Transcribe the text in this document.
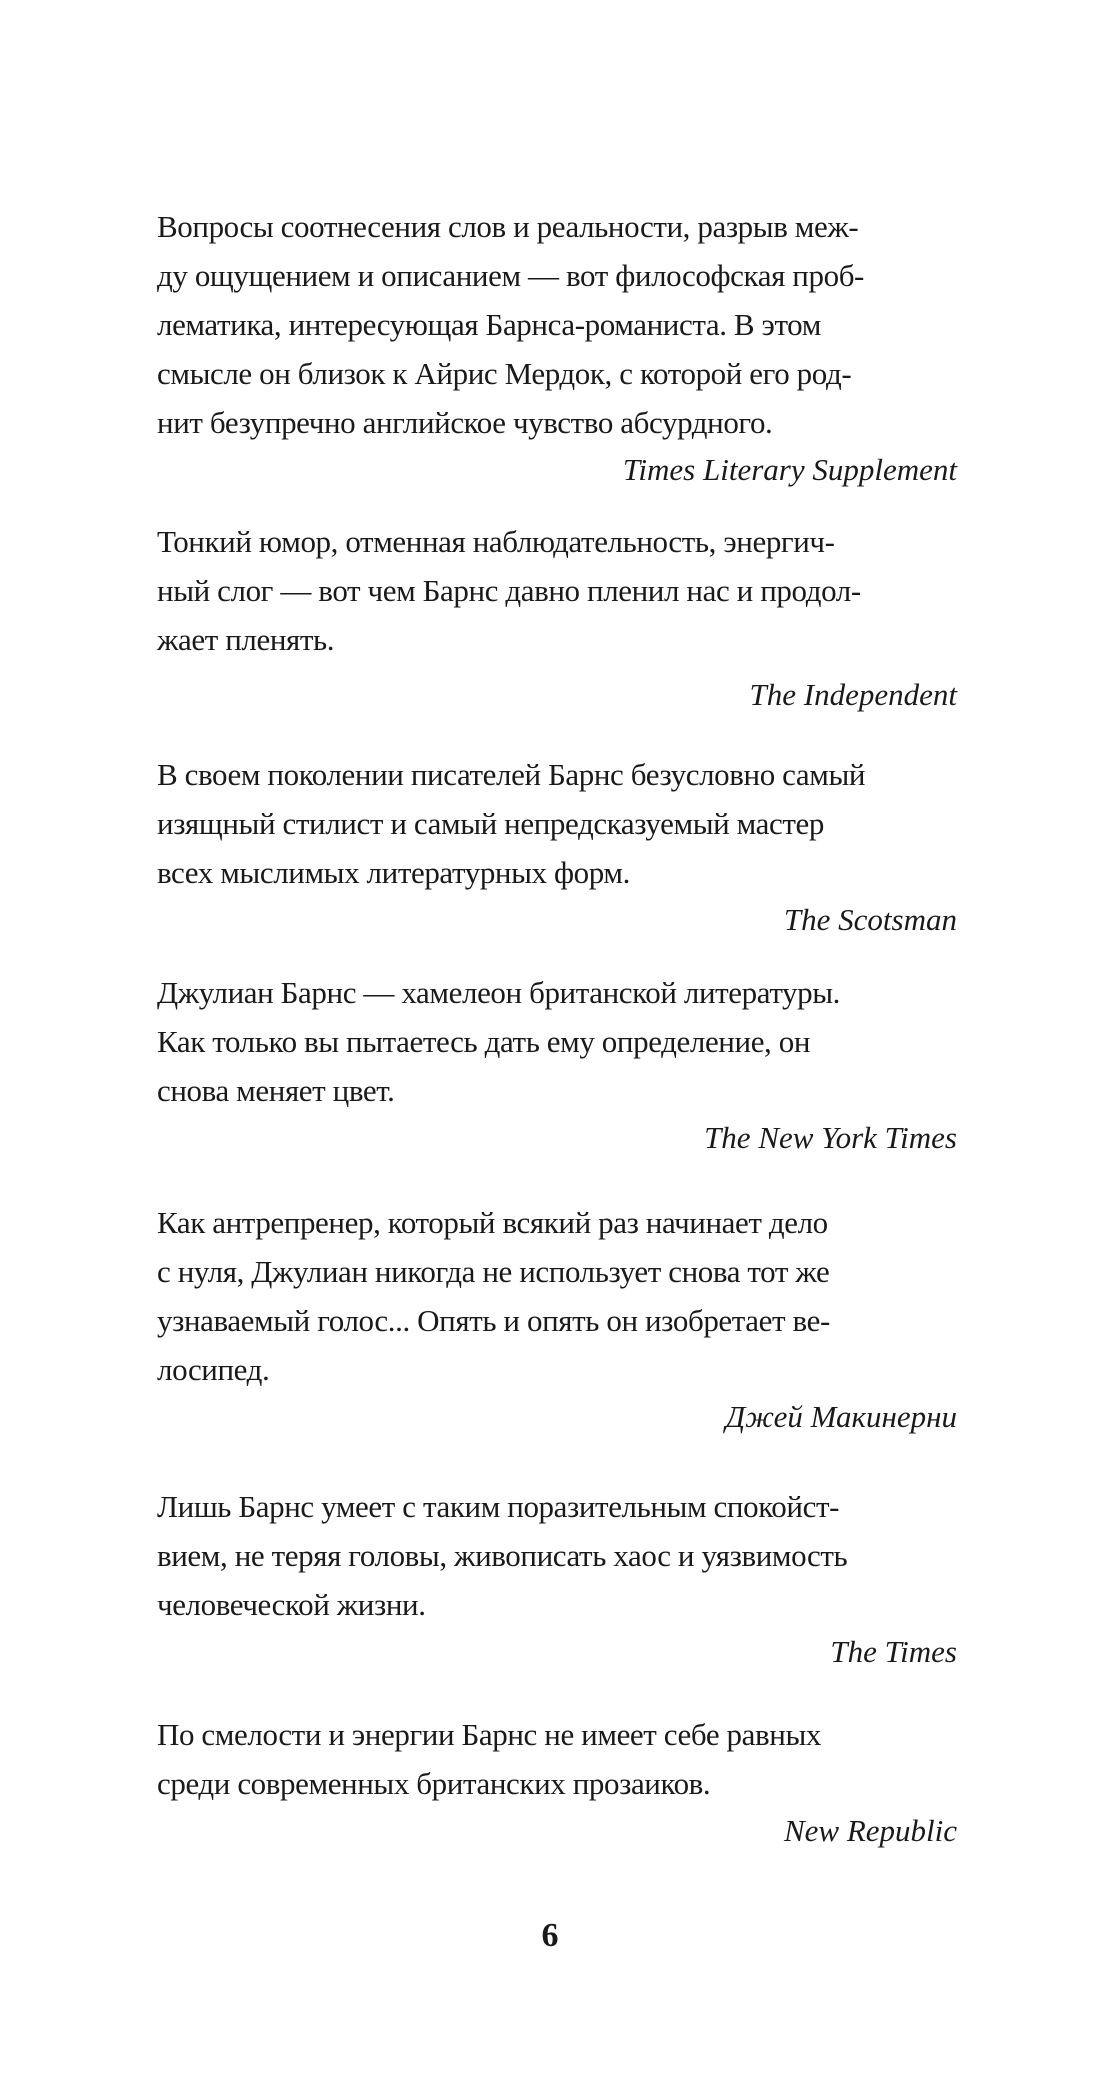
Вопросы соотнесения слов и реальности, разрыв меж-

ду ощущением и описанием — вот философская проб-

лематика, интересующая Барнса-романиста. В этом

смысле он близок к Айрис Мердок, с которой его род-

нит безупречно английское чувство абсурдного.

Times Literary Supplement

Тонкий юмор, отменная наблюдательность, энергич-

ный слог — вот чем Барнс давно пленил нас и продол-

жает пленять.

The Independent

В своем поколении писателей Барнс безусловно самый

изящный стилист и самый непредсказуемый мастер

всех мыслимых литературных форм.

The Scotsman

Джулиан Барнс — хамелеон британской литературы.

Как только вы пытаетесь дать ему определение, он

снова меняет цвет.

The New York Times

Как антрепренер, который всякий раз начинает дело

с нуля, Джулиан никогда не использует снова тот же

узнаваемый голос... Опять и опять он изобретает ве-

лосипед.

Джей Макинерни

Лишь Барнс умеет с таким поразительным спокойст-

вием, не теряя головы, живописать хаос и уязвимость

человеческой жизни.

The Times

По смелости и энергии Барнс не имеет себе равных

среди современных британских прозаиков.

New Republic

6
